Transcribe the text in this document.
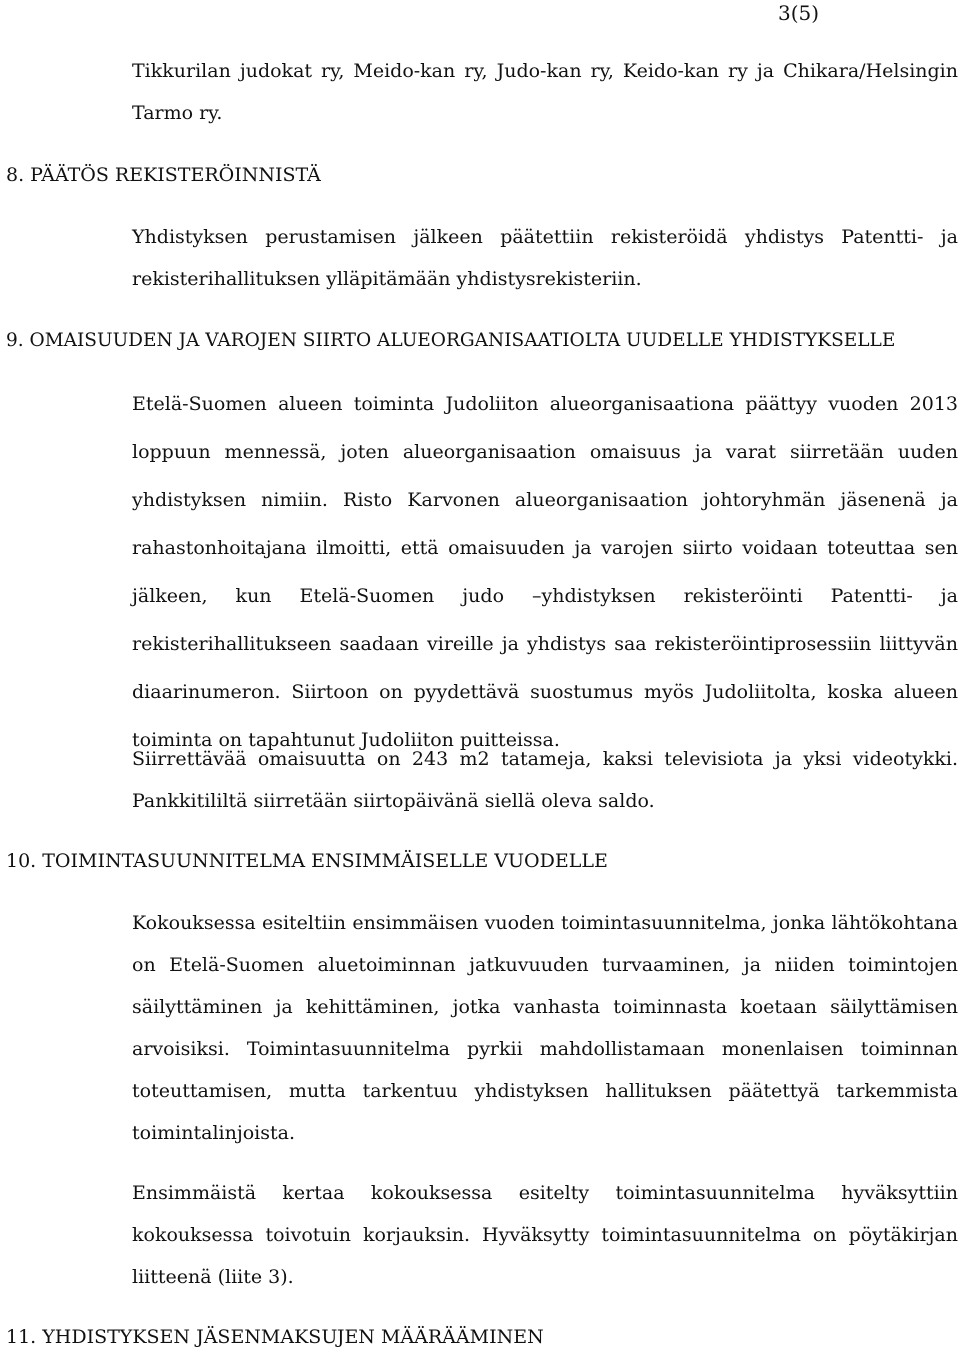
3(5)

Tikkurilan judokat ry, Meido-kan ry, Judo-kan ry, Keido-kan ry ja Chikara/Helsingin Tarmo ry.

8. PÄÄTÖS REKISTERÖINNISTÄ

Yhdistyksen perustamisen jälkeen päätettiin rekisteröidä yhdistys Patentti- ja rekisterihallituksen ylläpitämään yhdistysrekisteriin.

9. OMAISUUDEN JA VAROJEN SIIRTO ALUEORGANISAATIOLTA UUDELLE YHDISTYKSELLE

Etelä-Suomen alueen toiminta Judoliiton alueorganisaationa päättyy vuoden 2013 loppuun mennessä, joten alueorganisaation omaisuus ja varat siirretään uuden yhdistyksen nimiin. Risto Karvonen alueorganisaation johtoryhmän jäsenenä ja rahastonhoitajana ilmoitti, että omaisuuden ja varojen siirto voidaan toteuttaa sen jälkeen, kun Etelä-Suomen judo –yhdistyksen rekisteröinti Patentti- ja rekisterihallitukseen saadaan vireille ja yhdistys saa rekisteröintiprosessiin liittyvän diaarinumeron. Siirtoon on pyydettävä suostumus myös Judoliitolta, koska alueen toiminta on tapahtunut Judoliiton puitteissa.

Siirrettävää omaisuutta on 243 m2 tatameja, kaksi televisiota ja yksi videotykki. Pankkitililtä siirretään siirtopäivänä siellä oleva saldo.

10. TOIMINTASUUNNITELMA ENSIMMÄISELLE VUODELLE

Kokouksessa esiteltiin ensimmäisen vuoden toimintasuunnitelma, jonka lähtökohtana on Etelä-Suomen aluetoiminnan jatkuvuuden turvaaminen, ja niiden toimintojen säilyttäminen ja kehittäminen, jotka vanhasta toiminnasta koetaan säilyttämisen arvoisiksi. Toimintasuunnitelma pyrkii mahdollistamaan monenlaisen toiminnan toteuttamisen, mutta tarkentuu yhdistyksen hallituksen päätettyä tarkemmista toimintalinjoista.

Ensimmäistä kertaa kokouksessa esitelty toimintasuunnitelma hyväksyttiin kokouksessa toivotuin korjauksin. Hyväksytty toimintasuunnitelma on pöytäkirjan liitteenä (liite 3).

11. YHDISTYKSEN JÄSENMAKSUJEN MÄÄRÄÄMINEN
